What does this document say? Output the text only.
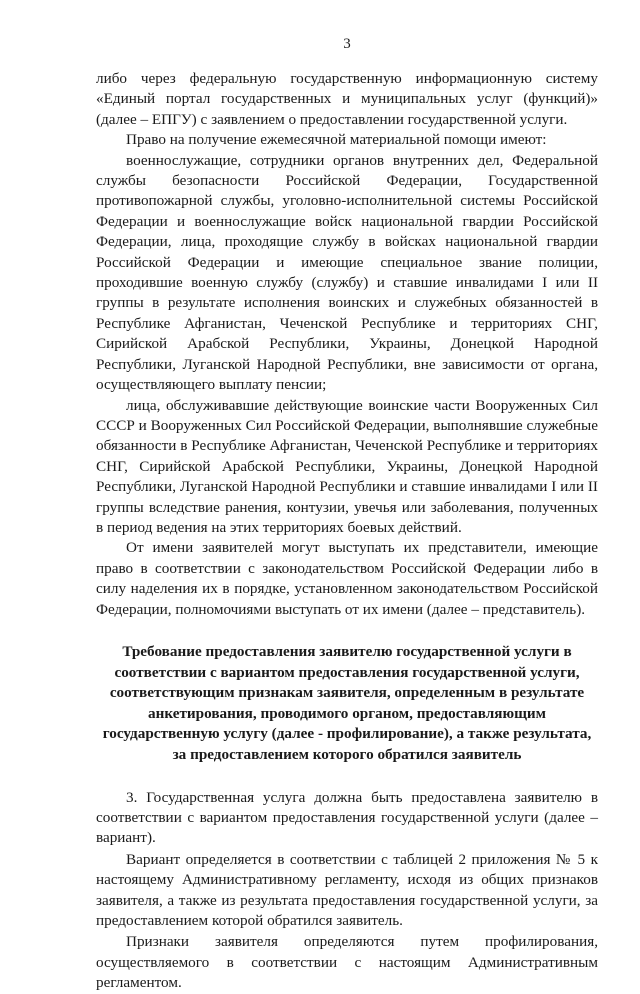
3

либо через федеральную государственную информационную систему «Единый портал государственных и муниципальных услуг (функций)» (далее – ЕПГУ) с заявлением о предоставлении государственной услуги.

Право на получение ежемесячной материальной помощи имеют:

военнослужащие, сотрудники органов внутренних дел, Федеральной службы безопасности Российской Федерации, Государственной противопожарной службы, уголовно-исполнительной системы Российской Федерации и военнослужащие войск национальной гвардии Российской Федерации, лица, проходящие службу в войсках национальной гвардии Российской Федерации и имеющие специальное звание полиции, проходившие военную службу (службу) и ставшие инвалидами I или II группы в результате исполнения воинских и служебных обязанностей в Республике Афганистан, Чеченской Республике и территориях СНГ, Сирийской Арабской Республики, Украины, Донецкой Народной Республики, Луганской Народной Республики, вне зависимости от органа, осуществляющего выплату пенсии;

лица, обслуживавшие действующие воинские части Вооруженных Сил СССР и Вооруженных Сил Российской Федерации, выполнявшие служебные обязанности в Республике Афганистан, Чеченской Республике и территориях СНГ, Сирийской Арабской Республики, Украины, Донецкой Народной Республики, Луганской Народной Республики и ставшие инвалидами I или II группы вследствие ранения, контузии, увечья или заболевания, полученных в период ведения на этих территориях боевых действий.

От имени заявителей могут выступать их представители, имеющие право в соответствии с законодательством Российской Федерации либо в силу наделения их в порядке, установленном законодательством Российской Федерации, полномочиями выступать от их имени (далее – представитель).

Требование предоставления заявителю государственной услуги в соответствии с вариантом предоставления государственной услуги, соответствующим признакам заявителя, определенным в результате анкетирования, проводимого органом, предоставляющим государственную услугу (далее - профилирование), а также результата, за предоставлением которого обратился заявитель

3. Государственная услуга должна быть предоставлена заявителю в соответствии с вариантом предоставления государственной услуги (далее – вариант).

Вариант определяется в соответствии с таблицей 2 приложения № 5 к настоящему Административному регламенту, исходя из общих признаков заявителя, а также из результата предоставления государственной услуги, за предоставлением которой обратился заявитель.

Признаки заявителя определяются путем профилирования, осуществляемого в соответствии с настоящим Административным регламентом.
